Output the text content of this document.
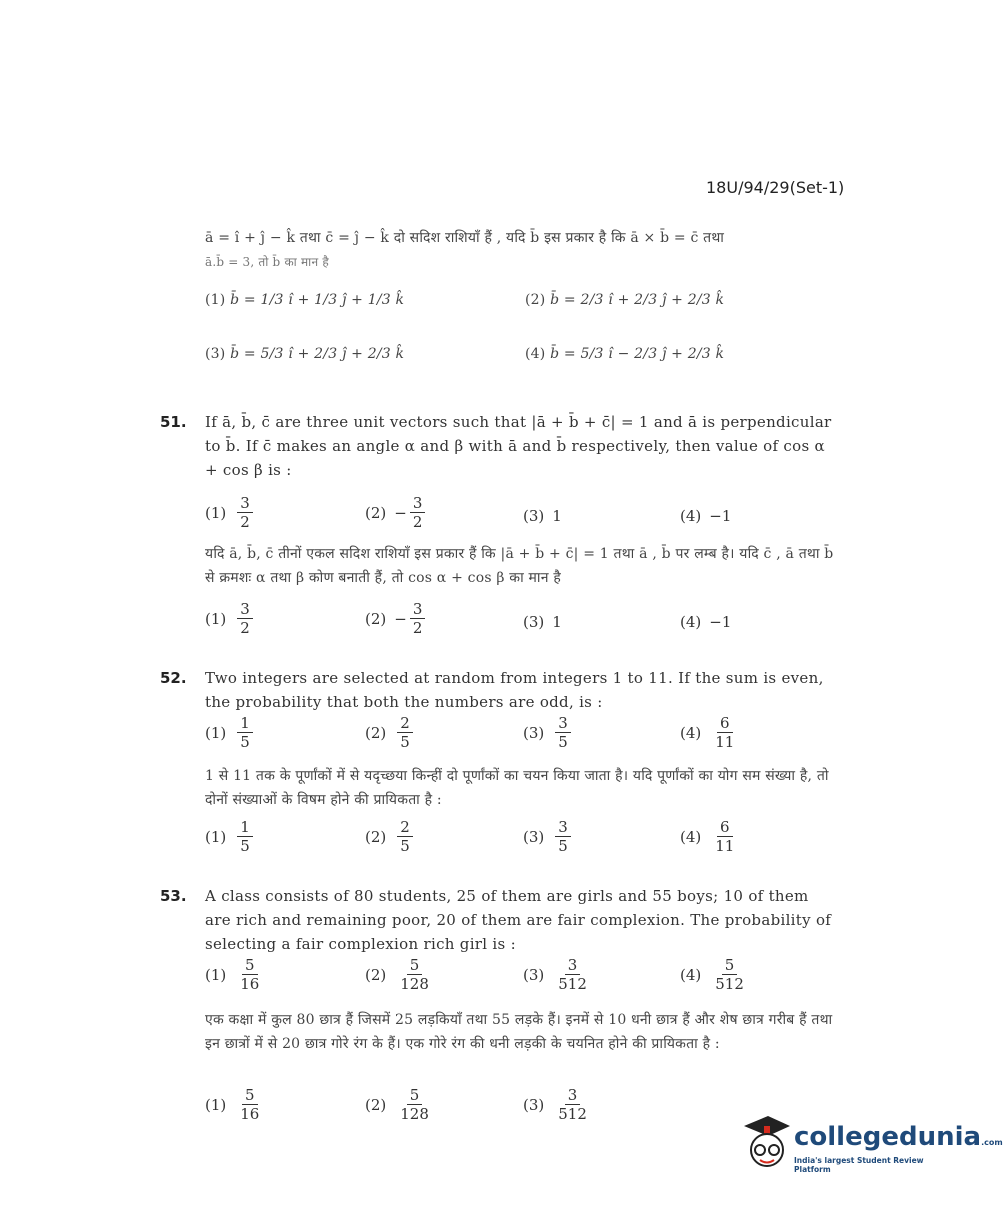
18U/94/29(Set-1)
ā = î + ĵ − k̂ तथा c̄ = ĵ − k̂ दो सदिश राशियाँ हैं , यदि b̄ इस प्रकार है कि ā × b̄ = c̄ तथा
ā.b̄ = 3, तो b̄ का मान है
(1) b̄ = 1/3 î + 1/3 ĵ + 1/3 k̂	(2) b̄ = 2/3 î + 2/3 ĵ + 2/3 k̂
(3) b̄ = 5/3 î + 2/3 ĵ + 2/3 k̂	(4) b̄ = 5/3 î − 2/3 ĵ + 2/3 k̂
51. If ā, b̄, c̄ are three unit vectors such that |ā + b̄ + c̄| = 1 and ā is perpendicular to b̄. If c̄ makes an angle α and β with ā and b̄ respectively, then value of cos α + cos β is :
$(1) \frac{3}{2}$	$(2) - \frac{3}{2}$	(3) 1	(4) −1
यदि ā, b̄, c̄ तीनों एकल सदिश राशियाँ इस प्रकार हैं कि |ā + b̄ + c̄| = 1 तथा ā , b̄ पर लम्ब है। यदि c̄ , ā तथा b̄ से क्रमशः α तथा β कोण बनाती हैं, तो cos α + cos β का मान है
$(1) \frac{3}{2}$	$(2) - \frac{3}{2}$	(3) 1	(4) −1
52. Two integers are selected at random from integers 1 to 11. If the sum is even, the probability that both the numbers are odd, is :
$(1) \frac{1}{5}$	$(2) \frac{2}{5}$	$(3) \frac{3}{5}$	$(4) \frac{6}{11}$
1 से 11 तक के पूर्णांकों में से यदृच्छया किन्हीं दो पूर्णांकों का चयन किया जाता है। यदि पूर्णांकों का योग सम संख्या है, तो दोनों संख्याओं के विषम होने की प्रायिकता है :
$(1) \frac{1}{5}$	$(2) \frac{2}{5}$	$(3) \frac{3}{5}$	$(4) \frac{6}{11}$
53. A class consists of 80 students, 25 of them are girls and 55 boys; 10 of them are rich and remaining poor, 20 of them are fair complexion. The probability of selecting a fair complexion rich girl is :
$(1) \frac{5}{16}$	$(2) \frac{5}{128}$	$(3) \frac{3}{512}$	$(4) \frac{5}{512}$
एक कक्षा में कुल 80 छात्र हैं जिसमें 25 लड़कियाँ तथा 55 लड़के हैं। इनमें से 10 धनी छात्र हैं और शेष छात्र गरीब हैं तथा इन छात्रों में से 20 छात्र गोरे रंग के हैं। एक गोरे रंग की धनी लड़की के चयनित होने की प्रायिकता है :
$(1) \frac{5}{16}$	$(2) \frac{5}{128}$	$(3) \frac{3}{512}$
collegedunia.com
India's largest Student Review Platform
